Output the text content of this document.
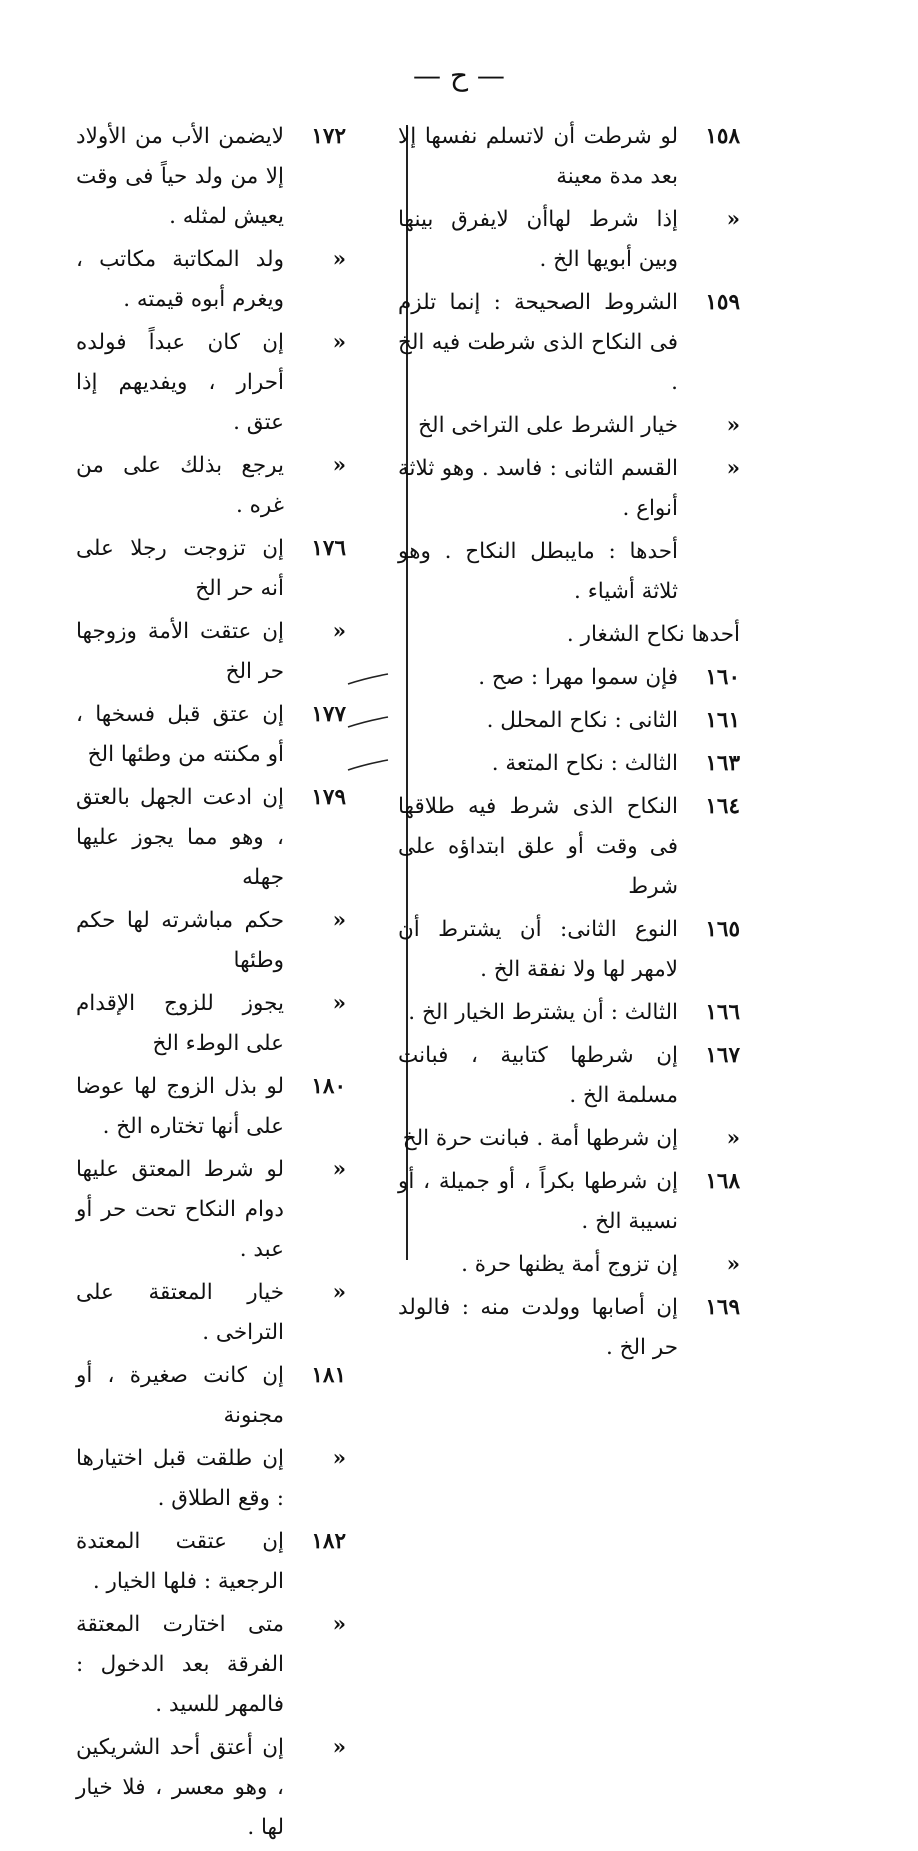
— ح —
١٥٨
لو شرطت أن لاتسلم نفسها إلا بعد مدة معينة
«
إذا شرط لهاأن لايفرق بينها وبين أبويها الخ .
١٥٩
الشروط الصحيحة : إنما تلزم فى النكاح الذى شرطت فيه الخ .
«
خيار الشرط على التراخى الخ
«
القسم الثانى : فاسد . وهو ثلاثة أنواع .
أحدها : مايبطل النكاح . وهو ثلاثة أشياء .
أحدها نكاح الشغار .
١٦٠
فإن سموا مهرا : صح .
١٦١
الثانى : نكاح المحلل .
١٦٣
الثالث : نكاح المتعة .
١٦٤
النكاح الذى شرط فيه طلاقها فى وقت أو علق ابتداؤه على شرط
١٦٥
النوع الثانى: أن يشترط أن لامهر لها ولا نفقة الخ .
١٦٦
الثالث : أن يشترط الخيار الخ .
١٦٧
إن شرطها كتابية ، فبانت مسلمة الخ .
«
إن شرطها أمة . فبانت حرة الخ
١٦٨
إن شرطها بكراً ، أو جميلة ، أو نسيبة الخ .
«
إن تزوج أمة يظنها حرة .
١٦٩
إن أصابها وولدت منه : فالولد حر الخ .
١٧٢
لايضمن الأب من الأولاد إلا من ولد حياً فى وقت يعيش لمثله .
«
ولد المكاتبة مكاتب ، ويغرم أبوه قيمته .
«
إن كان عبداً فولده أحرار ، ويفديهم إذا عتق .
«
يرجع بذلك على من غره .
١٧٦
إن تزوجت رجلا على أنه حر الخ
«
إن عتقت الأمة وزوجها حر الخ
١٧٧
إن عتق قبل فسخها ، أو مكنته من وطئها الخ
١٧٩
إن ادعت الجهل بالعتق ، وهو مما يجوز عليها جهله
«
حكم مباشرته لها حكم وطئها
«
يجوز للزوج الإقدام على الوطء الخ
١٨٠
لو بذل الزوج لها عوضا على أنها تختاره الخ .
«
لو شرط المعتق عليها دوام النكاح تحت حر أو عبد .
«
خيار المعتقة على التراخى .
١٨١
إن كانت صغيرة ، أو مجنونة
«
إن طلقت قبل اختيارها : وقع الطلاق .
١٨٢
إن عتقت المعتدة الرجعية : فلها الخيار .
«
متى اختارت المعتقة الفرقة بعد الدخول : فالمهر للسيد .
«
إن أعتق أحد الشريكين ، وهو معسر ، فلا خيار لها .
